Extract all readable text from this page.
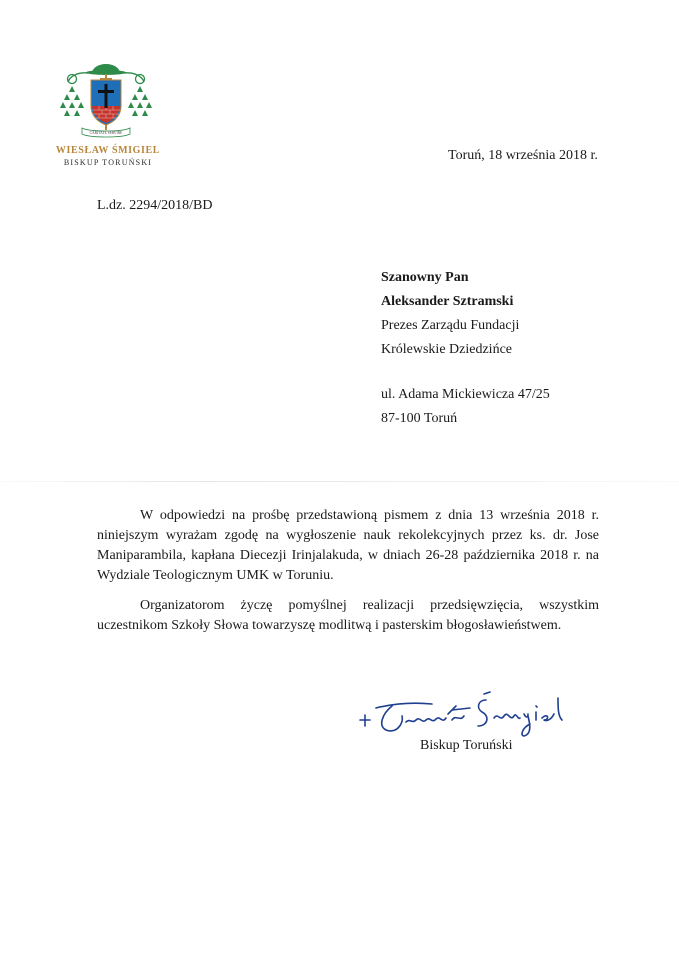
CARITATE SERVIRE
WIESŁAW ŚMIGIEL
BISKUP TORUŃSKI	Toruń, 18 września 2018 r.
L.dz. 2294/2018/BD
Szanowny Pan
Aleksander Sztramski
Prezes Zarządu Fundacji
Królewskie Dziedzińce
ul. Adama Mickiewicza 47/25
87-100 Toruń
W odpowiedzi na prośbę przedstawioną pismem z dnia 13 września 2018 r. niniejszym wyrażam zgodę na wygłoszenie nauk rekolekcyjnych przez ks. dr. Jose Maniparambila, kapłana Diecezji Irinjalakuda, w dniach 26-28 października 2018 r. na Wydziale Teologicznym UMK w Toruniu.
Organizatorom życzę pomyślnej realizacji przedsięwzięcia, wszystkim uczestnikom Szkoły Słowa towarzyszę modlitwą i pasterskim błogosławieństwem.
Biskup Toruński
